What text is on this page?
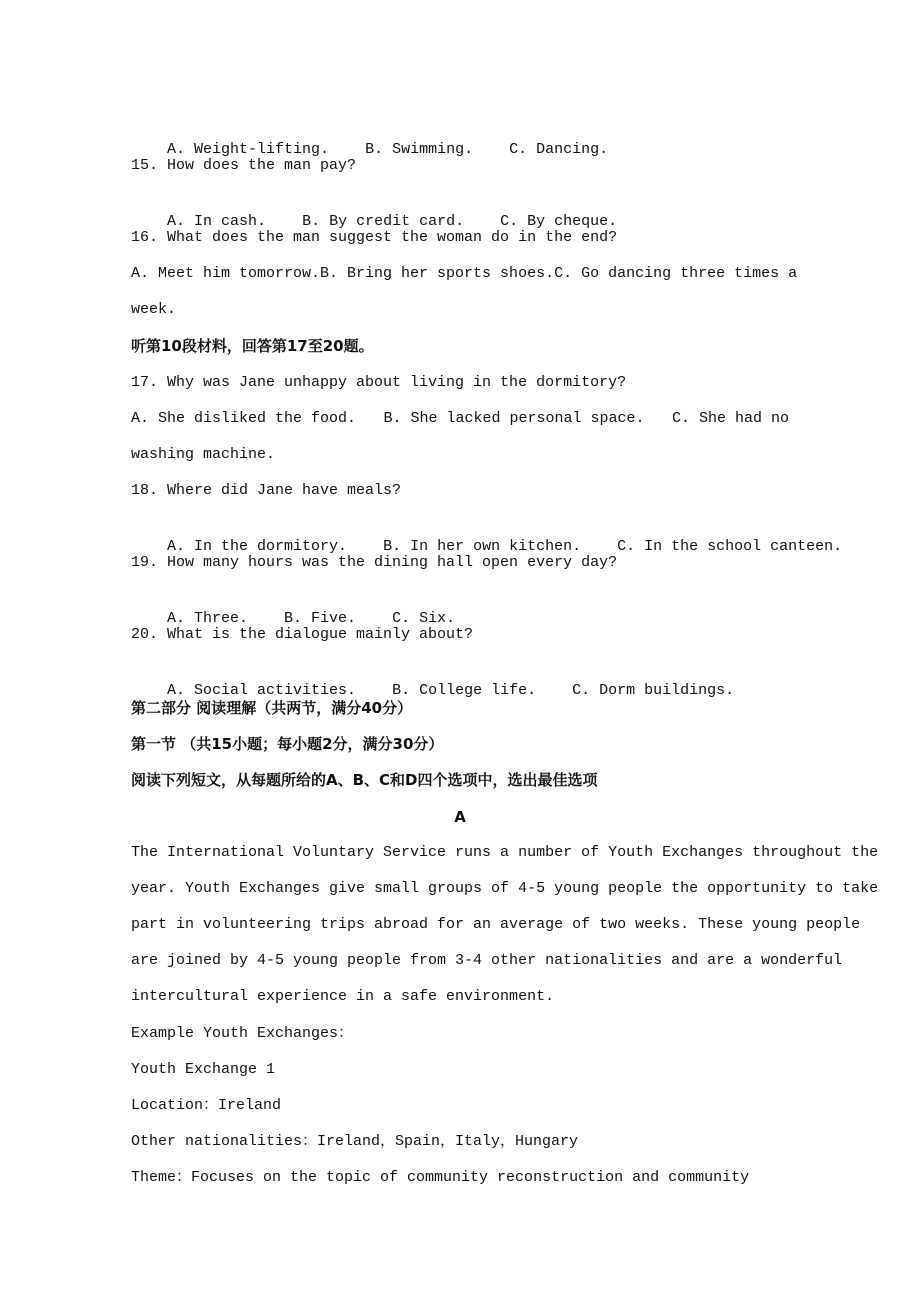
A. Weight-lifting. B. Swimming. C. Dancing.

15. How does the man pay?

A. In cash. B. By credit card. C. By cheque.

16. What does the man suggest the woman do in the end?
A. Meet him tomorrow. B. Bring her sports shoes. C. Go dancing three times a
week.
听第10段材料，回答第17至20题。
17. Why was Jane unhappy about living in the dormitory?
A. She disliked the food. B. She lacked personal space. C. She had no
washing machine.
18. Where did Jane have meals?

A. In the dormitory. B. In her own kitchen. C. In the school canteen.

19. How many hours was the dining hall open every day?

A. Three. B. Five. C. Six.

20. What is the dialogue mainly about?

A. Social activities. B. College life. C. Dorm buildings.

第二部分 阅读理解（共两节，满分40分）
第一节 （共15小题；每小题2分，满分30分）
阅读下列短文，从每题所给的A、B、C和D四个选项中，选出最佳选项
A
The International Voluntary Service runs a number of Youth Exchanges throughout the
year. Youth Exchanges give small groups of 4-5 young people the opportunity to take
part in volunteering trips abroad for an average of two weeks. These young people
are joined by 4-5 young people from 3-4 other nationalities and are a wonderful
intercultural experience in a safe environment.
Example Youth Exchanges：
Youth Exchange 1
Location：Ireland
Other nationalities：Ireland，Spain，Italy，Hungary
Theme：Focuses on the topic of community reconstruction and community
